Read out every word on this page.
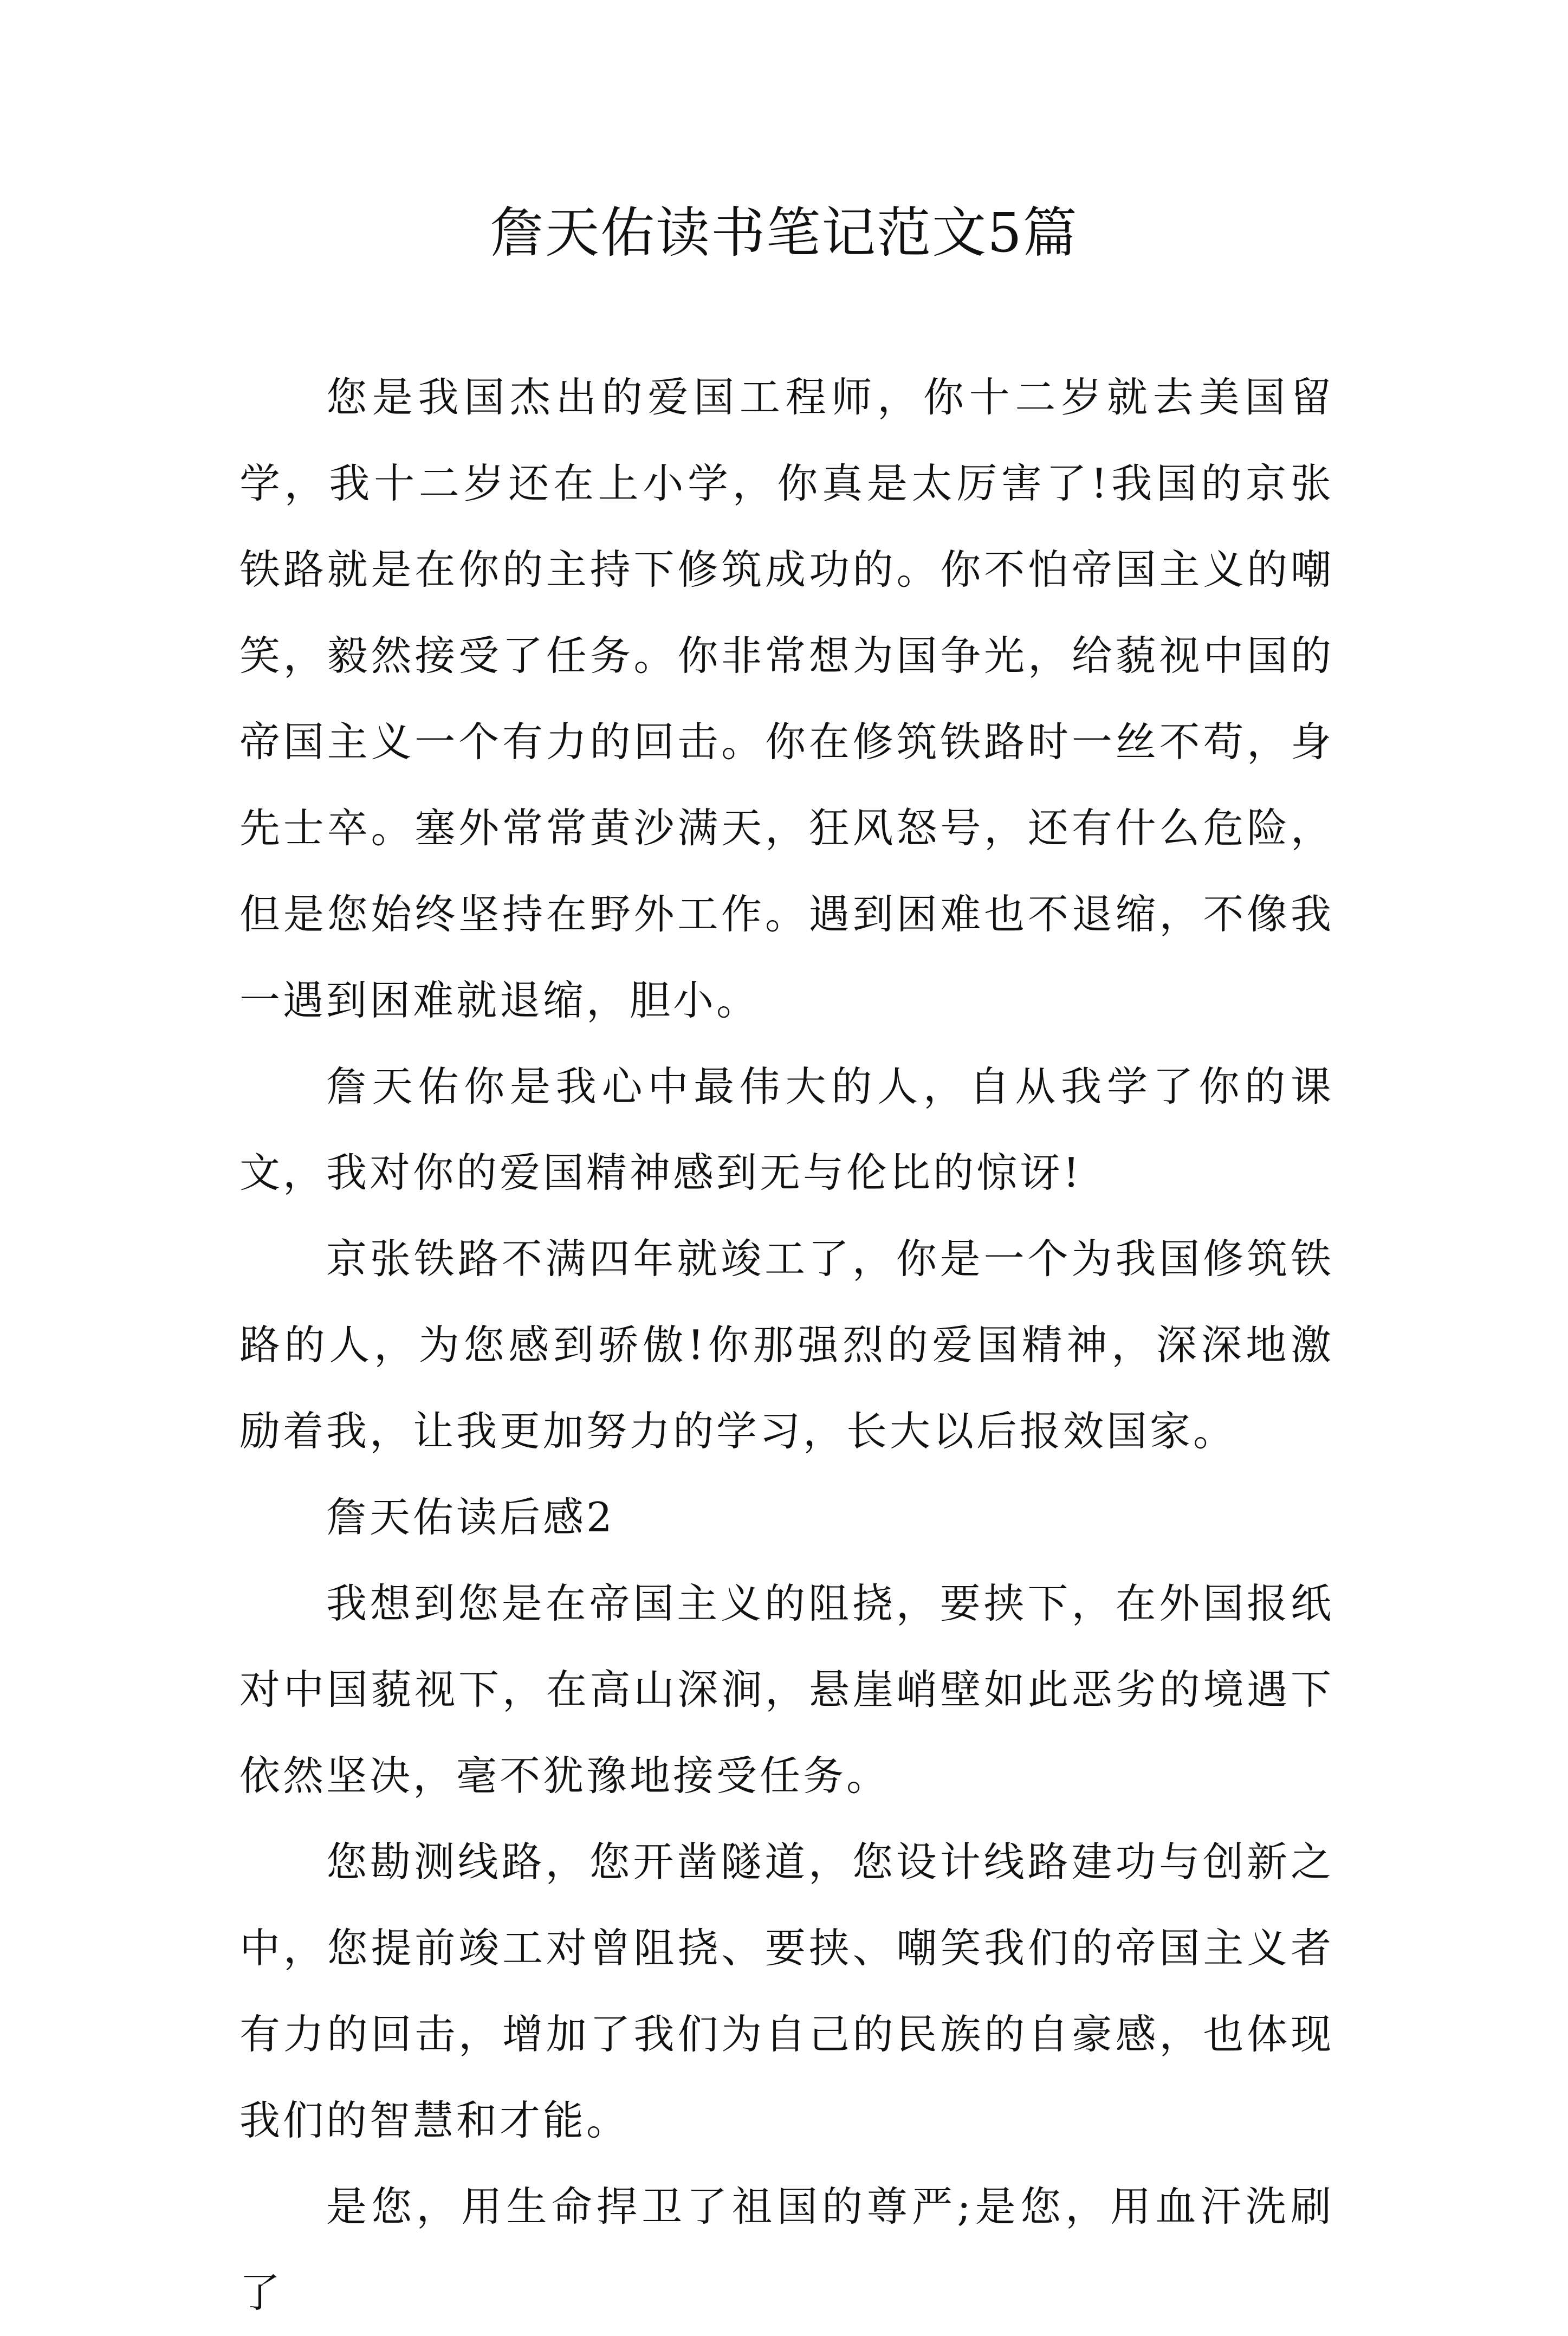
詹天佑读书笔记范文5篇

您是我国杰出的爱国工程师，你十二岁就去美国留学，我十二岁还在上小学，你真是太厉害了!我国的京张铁路就是在你的主持下修筑成功的。你不怕帝国主义的嘲笑，毅然接受了任务。你非常想为国争光，给藐视中国的帝国主义一个有力的回击。你在修筑铁路时一丝不苟，身先士卒。塞外常常黄沙满天，狂风怒号，还有什么危险，但是您始终坚持在野外工作。遇到困难也不退缩，不像我一遇到困难就退缩，胆小。

詹天佑你是我心中最伟大的人，自从我学了你的课文，我对你的爱国精神感到无与伦比的惊讶!

京张铁路不满四年就竣工了，你是一个为我国修筑铁路的人，为您感到骄傲!你那强烈的爱国精神，深深地激励着我，让我更加努力的学习，长大以后报效国家。

詹天佑读后感2

我想到您是在帝国主义的阻挠，要挟下，在外国报纸对中国藐视下，在高山深涧，悬崖峭壁如此恶劣的境遇下依然坚决，毫不犹豫地接受任务。

您勘测线路，您开凿隧道，您设计线路建功与创新之中，您提前竣工对曾阻挠、要挟、嘲笑我们的帝国主义者有力的回击，增加了我们为自己的民族的自豪感，也体现我们的智慧和才能。

是您，用生命捍卫了祖国的尊严;是您，用血汗洗刷了
